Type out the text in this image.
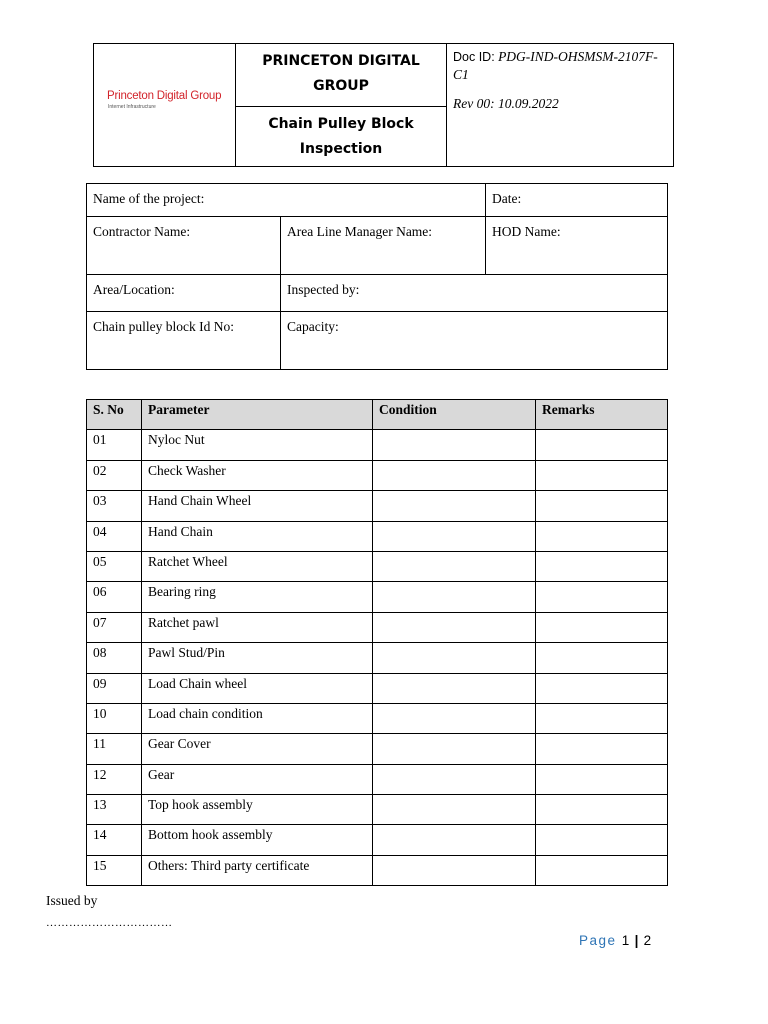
Princeton Digital Group
Internet Infrastructure
PRINCETON DIGITAL GROUP
Chain Pulley Block Inspection
Doc ID: PDG-IND-OHSMSM-2107F-C1
Rev 00: 10.09.2022
Name of the project:		Date:
Contractor Name:	Area Line Manager Name:	HOD Name:
Area/Location:	Inspected by:	
Chain pulley block Id No:	Capacity:	
S. No	Parameter	Condition	Remarks
01	Nyloc Nut		
02	Check Washer		
03	Hand Chain Wheel		
04	Hand Chain		
05	Ratchet Wheel		
06	Bearing ring		
07	Ratchet pawl		
08	Pawl Stud/Pin		
09	Load Chain wheel		
10	Load chain condition		
11	Gear Cover		
12	Gear		
13	Top hook assembly		
14	Bottom hook assembly		
15	Others: Third party certificate		
Issued by
……………………………
Page 1 | 2
